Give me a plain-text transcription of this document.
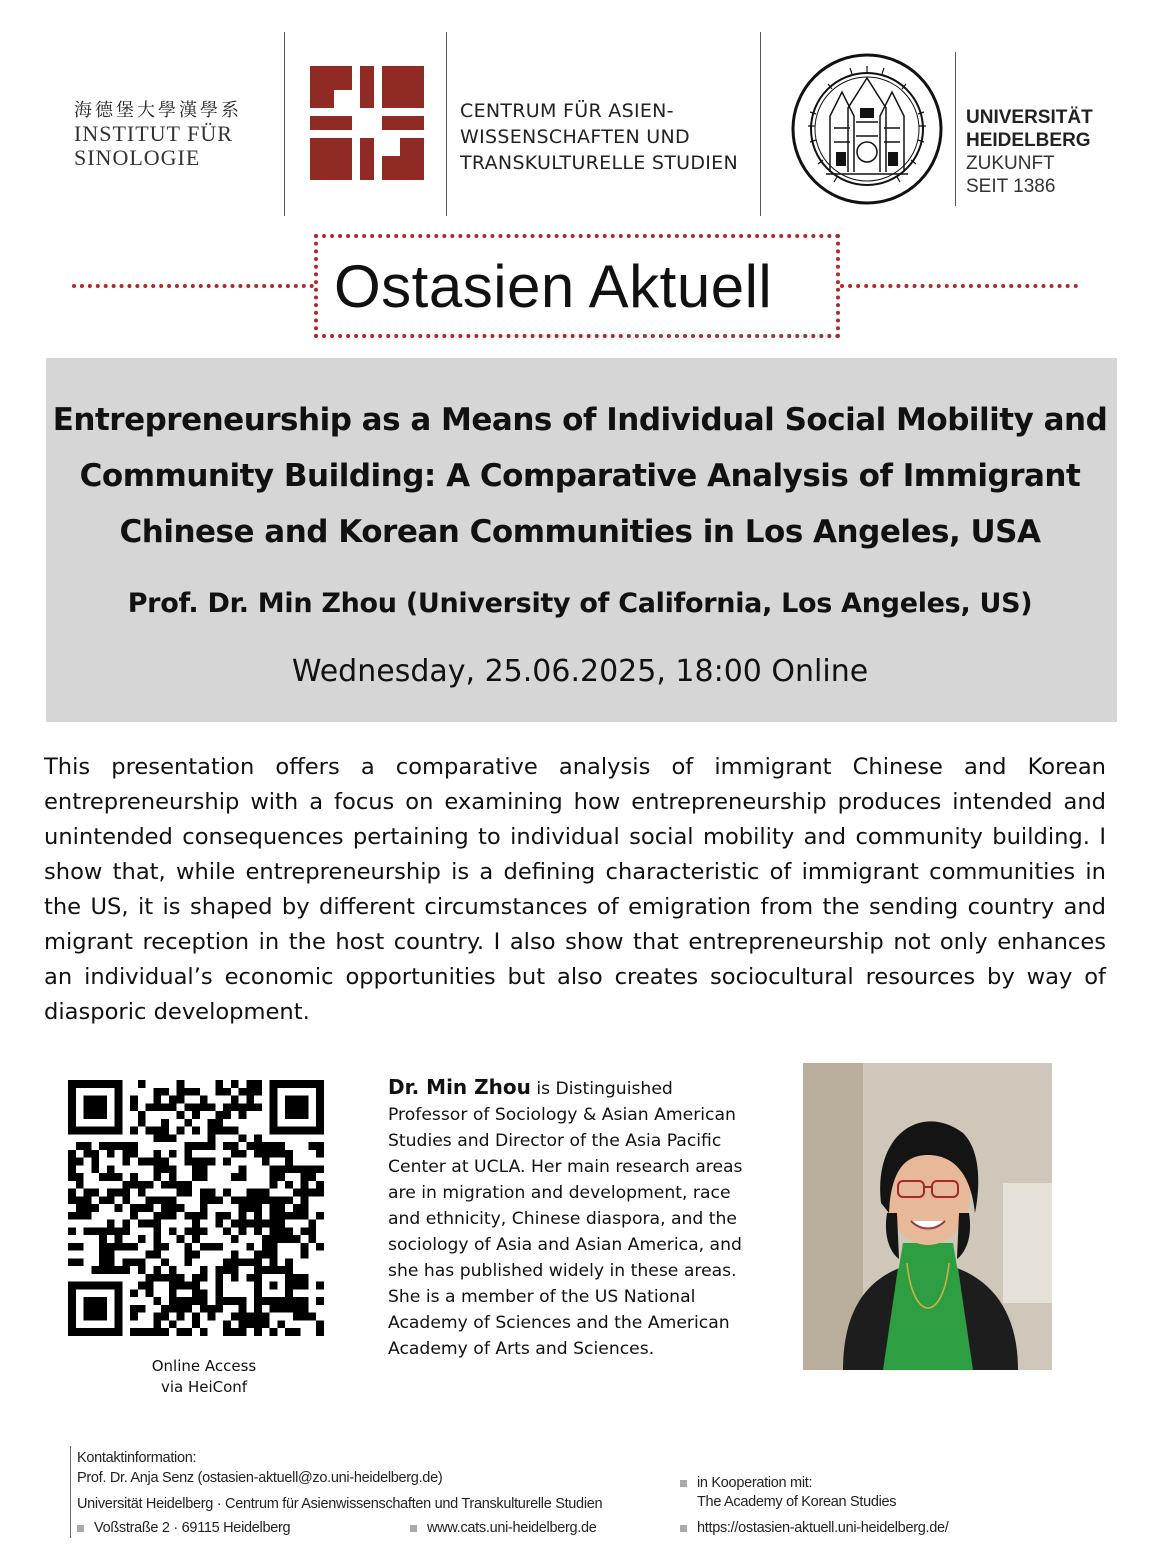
海德堡大學漢學系
INSTITUT FÜR
SINOLOGIE
CENTRUM FÜR ASIEN-
WISSENSCHAFTEN UND
TRANSKULTURELLE STUDIEN
UNIVERSITÄT
HEIDELBERG
ZUKUNFT
SEIT 1386
Ostasien Aktuell
Entrepreneurship as a Means of Individual Social Mobility and
Community Building: A Comparative Analysis of Immigrant
Chinese and Korean Communities in Los Angeles, USA
Prof. Dr. Min Zhou (University of California, Los Angeles, US)
Wednesday, 25.06.2025, 18:00 Online

This presentation offers a comparative analysis of immigrant Chinese and Korean entrepreneurship with a focus on examining how entrepreneurship produces intended and unintended consequences pertaining to individual social mobility and community building. I show that, while entrepreneurship is a defining characteristic of immigrant communities in the US, it is shaped by different circumstances of emigration from the sending country and migrant reception in the host country. I also show that entrepreneurship not only enhances an individual’s economic opportunities but also creates sociocultural resources by way of diasporic development.

Online Access
via HeiConf
Dr. Min Zhou is Distinguished Professor of Sociology & Asian American Studies and Director of the Asia Pacific Center at UCLA. Her main research areas are in migration and development, race and ethnicity, Chinese diaspora, and the sociology of Asia and Asian America, and she has published widely in these areas. She is a member of the US National Academy of Sciences and the American Academy of Arts and Sciences.
Kontaktinformation:
Prof. Dr. Anja Senz (ostasien-aktuell@zo.uni-heidelberg.de)
Universität Heidelberg · Centrum für Asienwissenschaften und Transkulturelle Studien
Voßstraße 2 · 69115 Heidelberg	www.cats.uni-heidelberg.de
in Kooperation mit:
The Academy of Korean Studies
https://ostasien-aktuell.uni-heidelberg.de/
